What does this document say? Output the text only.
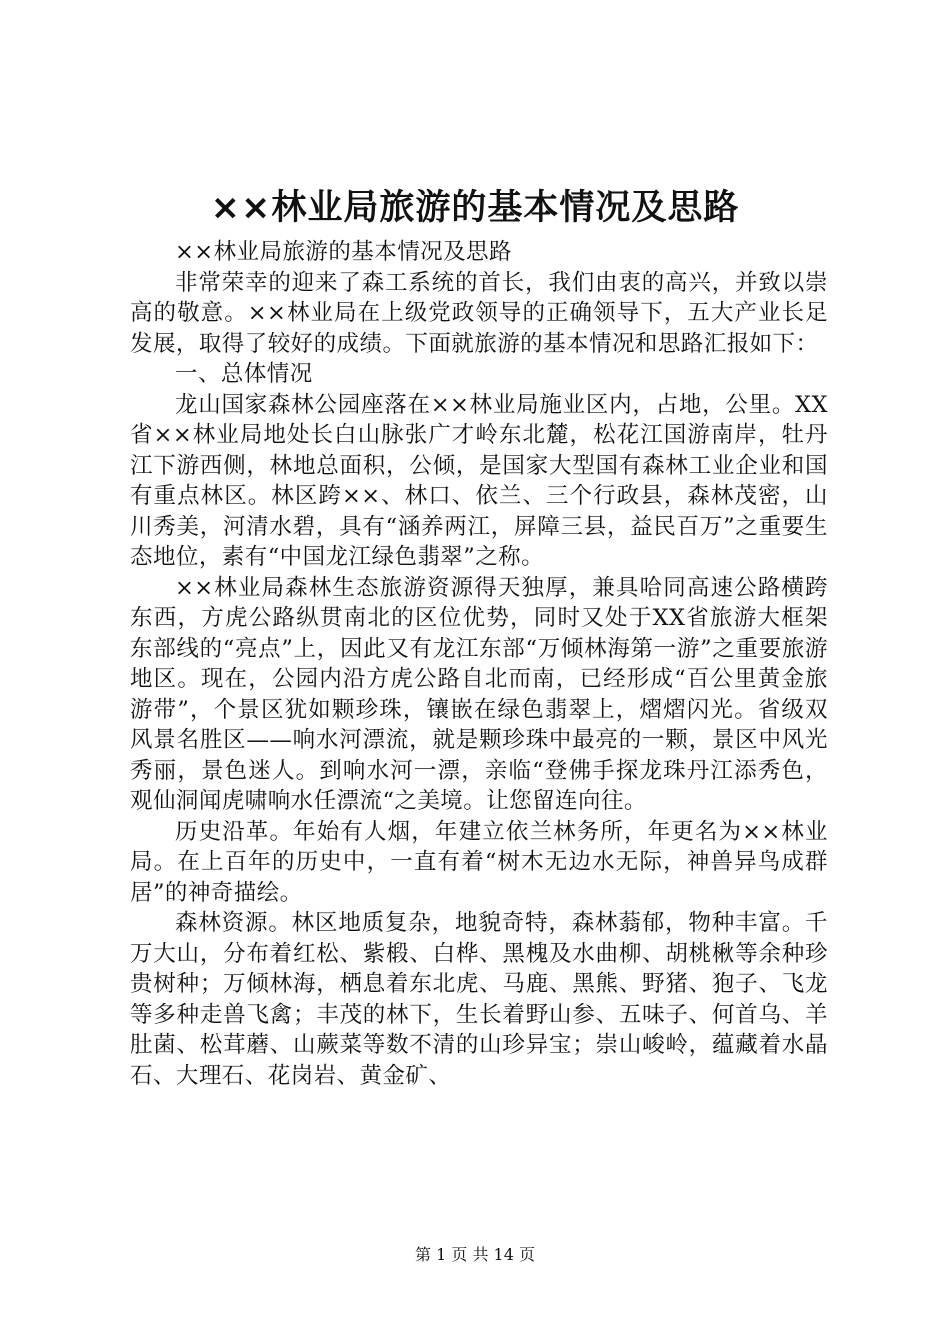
××林业局旅游的基本情况及思路

××林业局旅游的基本情况及思路

非常荣幸的迎来了森工系统的首长，我们由衷的高兴，并致以崇高的敬意。××林业局在上级党政领导的正确领导下，五大产业长足发展，取得了较好的成绩。下面就旅游的基本情况和思路汇报如下：

一、总体情况

龙山国家森林公园座落在××林业局施业区内，占地，公里。XX省××林业局地处长白山脉张广才岭东北麓，松花江国游南岸，牡丹江下游西侧，林地总面积，公倾，是国家大型国有森林工业企业和国有重点林区。林区跨××、林口、依兰、三个行政县，森林茂密，山川秀美，河清水碧，具有“涵养两江，屏障三县，益民百万”之重要生态地位，素有“中国龙江绿色翡翠”之称。

××林业局森林生态旅游资源得天独厚，兼具哈同高速公路横跨东西，方虎公路纵贯南北的区位优势，同时又处于XX省旅游大框架东部线的“亮点”上，因此又有龙江东部“万倾林海第一游”之重要旅游地区。现在，公园内沿方虎公路自北而南，已经形成“百公里黄金旅游带”，个景区犹如颗珍珠，镶嵌在绿色翡翠上，熠熠闪光。省级双风景名胜区——响水河漂流，就是颗珍珠中最亮的一颗，景区中风光秀丽，景色迷人。到响水河一漂，亲临“登佛手探龙珠丹江添秀色，观仙洞闻虎啸响水任漂流“之美境。让您留连向往。

历史沿革。年始有人烟，年建立依兰林务所，年更名为××林业局。在上百年的历史中，一直有着“树木无边水无际，神兽异鸟成群居”的神奇描绘。

森林资源。林区地质复杂，地貌奇特，森林蓊郁，物种丰富。千万大山，分布着红松、紫椴、白桦、黑槐及水曲柳、胡桃楸等余种珍贵树种；万倾林海，栖息着东北虎、马鹿、黑熊、野猪、狍子、飞龙等多种走兽飞禽；丰茂的林下，生长着野山参、五味子、何首乌、羊肚菌、松茸蘑、山蕨菜等数不清的山珍异宝；崇山峻岭，蕴藏着水晶石、大理石、花岗岩、黄金矿、

第 1 页 共 14 页
